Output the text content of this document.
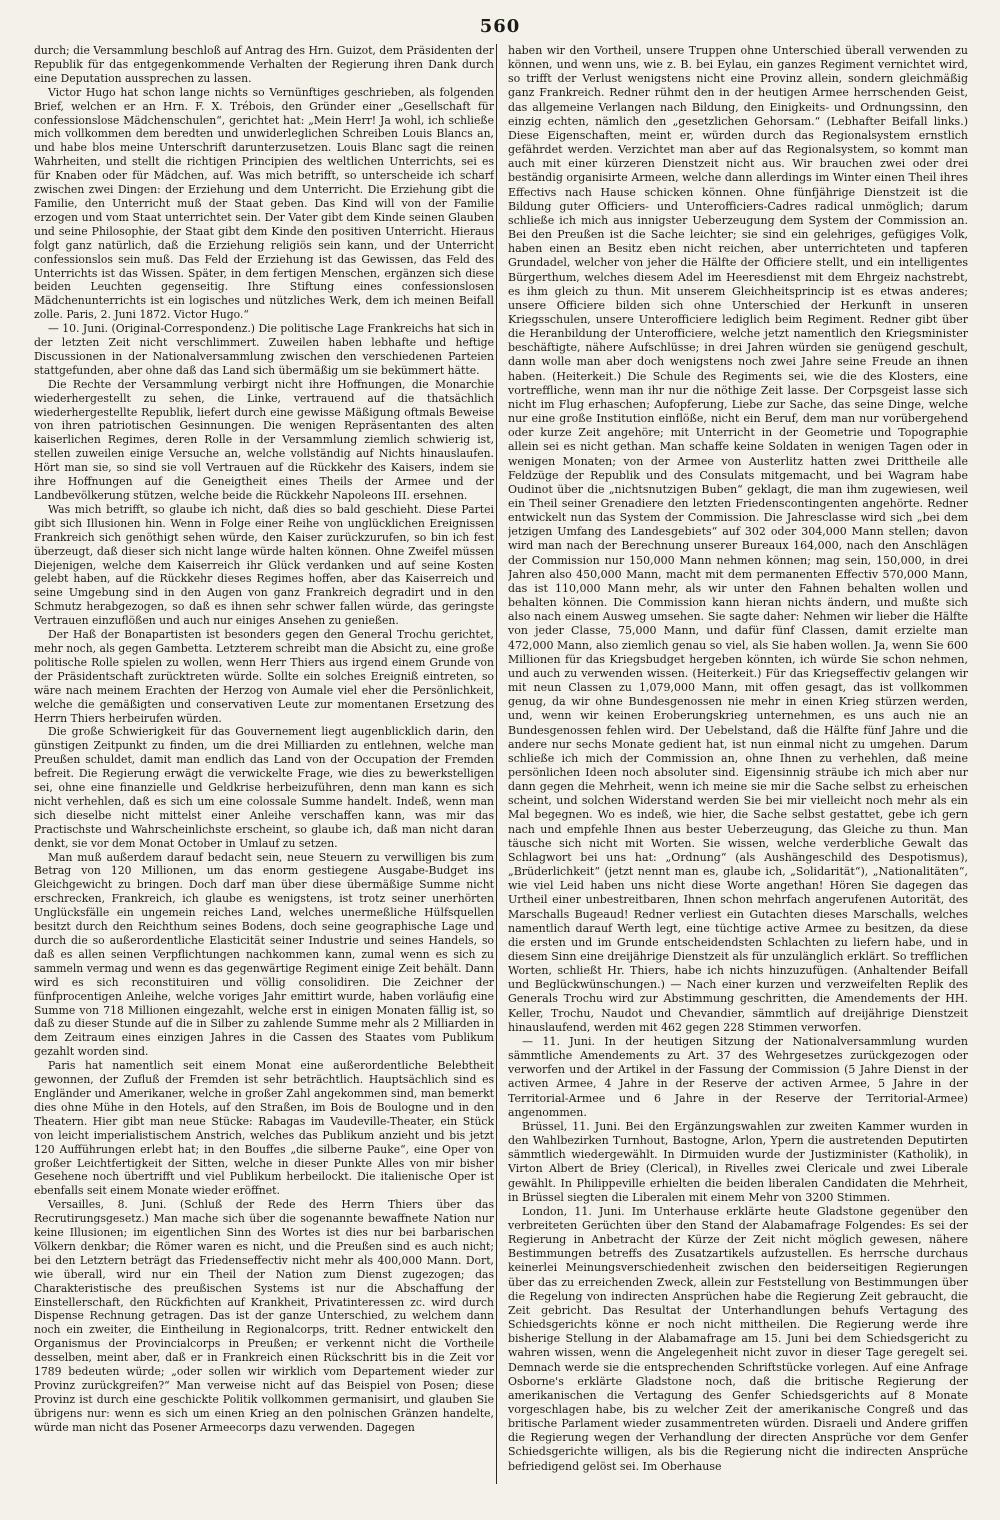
560

durch; die Versammlung beschloß auf Antrag des Hrn. Guizot, dem Präsidenten der Republik für das entgegenkommende Verhalten der Regierung ihren Dank durch eine Deputation aussprechen zu lassen.

Victor Hugo hat schon lange nichts so Vernünftiges geschrieben, als folgenden Brief, welchen er an Hrn. F. X. Trébois, den Gründer einer „Gesellschaft für confessionslose Mädchenschulen“, gerichtet hat: „Mein Herr! Ja wohl, ich schließe mich vollkommen dem beredten und unwiderleglichen Schreiben Louis Blancs an, und habe blos meine Unterschrift darunterzusetzen. Louis Blanc sagt die reinen Wahrheiten, und stellt die richtigen Principien des weltlichen Unterrichts, sei es für Knaben oder für Mädchen, auf. Was mich betrifft, so unterscheide ich scharf zwischen zwei Dingen: der Erziehung und dem Unterricht. Die Erziehung gibt die Familie, den Unterricht muß der Staat geben. Das Kind will von der Familie erzogen und vom Staat unterrichtet sein. Der Vater gibt dem Kinde seinen Glauben und seine Philosophie, der Staat gibt dem Kinde den positiven Unterricht. Hieraus folgt ganz natürlich, daß die Erziehung religiös sein kann, und der Unterricht confessionslos sein muß. Das Feld der Erziehung ist das Gewissen, das Feld des Unterrichts ist das Wissen. Später, in dem fertigen Menschen, ergänzen sich diese beiden Leuchten gegenseitig. Ihre Stiftung eines confessionslosen Mädchenunterrichts ist ein logisches und nützliches Werk, dem ich meinen Beifall zolle. Paris, 2. Juni 1872. Victor Hugo.“

— 10. Juni. (Original-Correspondenz.) Die politische Lage Frankreichs hat sich in der letzten Zeit nicht verschlimmert. Zuweilen haben lebhafte und heftige Discussionen in der Nationalversammlung zwischen den verschiedenen Parteien stattgefunden, aber ohne daß das Land sich übermäßig um sie bekümmert hätte.

Die Rechte der Versammlung verbirgt nicht ihre Hoffnungen, die Monarchie wiederhergestellt zu sehen, die Linke, vertrauend auf die thatsächlich wiederhergestellte Republik, liefert durch eine gewisse Mäßigung oftmals Beweise von ihren patriotischen Gesinnungen. Die wenigen Repräsentanten des alten kaiserlichen Regimes, deren Rolle in der Versammlung ziemlich schwierig ist, stellen zuweilen einige Versuche an, welche vollständig auf Nichts hinauslaufen. Hört man sie, so sind sie voll Vertrauen auf die Rückkehr des Kaisers, indem sie ihre Hoffnungen auf die Geneigtheit eines Theils der Armee und der Landbevölkerung stützen, welche beide die Rückkehr Napoleons III. ersehnen.

Was mich betrifft, so glaube ich nicht, daß dies so bald geschieht. Diese Partei gibt sich Illusionen hin. Wenn in Folge einer Reihe von unglücklichen Ereignissen Frankreich sich genöthigt sehen würde, den Kaiser zurückzurufen, so bin ich fest überzeugt, daß dieser sich nicht lange würde halten können. Ohne Zweifel müssen Diejenigen, welche dem Kaiserreich ihr Glück verdanken und auf seine Kosten gelebt haben, auf die Rückkehr dieses Regimes hoffen, aber das Kaiserreich und seine Umgebung sind in den Augen von ganz Frankreich degradirt und in den Schmutz herabgezogen, so daß es ihnen sehr schwer fallen würde, das geringste Vertrauen einzuflößen und auch nur einiges Ansehen zu genießen.

Der Haß der Bonapartisten ist besonders gegen den General Trochu gerichtet, mehr noch, als gegen Gambetta. Letzterem schreibt man die Absicht zu, eine große politische Rolle spielen zu wollen, wenn Herr Thiers aus irgend einem Grunde von der Präsidentschaft zurücktreten würde. Sollte ein solches Ereigniß eintreten, so wäre nach meinem Erachten der Herzog von Aumale viel eher die Persönlichkeit, welche die gemäßigten und conservativen Leute zur momentanen Ersetzung des Herrn Thiers herbeirufen würden.

Die große Schwierigkeit für das Gouvernement liegt augenblicklich darin, den günstigen Zeitpunkt zu finden, um die drei Milliarden zu entlehnen, welche man Preußen schuldet, damit man endlich das Land von der Occupation der Fremden befreit. Die Regierung erwägt die verwickelte Frage, wie dies zu bewerkstelligen sei, ohne eine finanzielle und Geldkrise herbeizuführen, denn man kann es sich nicht verhehlen, daß es sich um eine colossale Summe handelt. Indeß, wenn man sich dieselbe nicht mittelst einer Anleihe verschaffen kann, was mir das Practischste und Wahrscheinlichste erscheint, so glaube ich, daß man nicht daran denkt, sie vor dem Monat October in Umlauf zu setzen.

Man muß außerdem darauf bedacht sein, neue Steuern zu verwilligen bis zum Betrag von 120 Millionen, um das enorm gestiegene Ausgabe-Budget ins Gleichgewicht zu bringen. Doch darf man über diese übermäßige Summe nicht erschrecken, Frankreich, ich glaube es wenigstens, ist trotz seiner unerhörten Unglücksfälle ein ungemein reiches Land, welches unermeßliche Hülfsquellen besitzt durch den Reichthum seines Bodens, doch seine geographische Lage und durch die so außerordentliche Elasticität seiner Industrie und seines Handels, so daß es allen seinen Verpflichtungen nachkommen kann, zumal wenn es sich zu sammeln vermag und wenn es das gegenwärtige Regiment einige Zeit behält. Dann wird es sich reconstituiren und völlig consolidiren. Die Zeichner der fünfprocentigen Anleihe, welche voriges Jahr emittirt wurde, haben vorläufig eine Summe von 718 Millionen eingezahlt, welche erst in einigen Monaten fällig ist, so daß zu dieser Stunde auf die in Silber zu zahlende Summe mehr als 2 Milliarden in dem Zeitraum eines einzigen Jahres in die Cassen des Staates vom Publikum gezahlt worden sind.

Paris hat namentlich seit einem Monat eine außerordentliche Belebtheit gewonnen, der Zufluß der Fremden ist sehr beträchtlich. Hauptsächlich sind es Engländer und Amerikaner, welche in großer Zahl angekommen sind, man bemerkt dies ohne Mühe in den Hotels, auf den Straßen, im Bois de Boulogne und in den Theatern. Hier gibt man neue Stücke: Rabagas im Vaudeville-Theater, ein Stück von leicht imperialistischem Anstrich, welches das Publikum anzieht und bis jetzt 120 Aufführungen erlebt hat; in den Bouffes „die silberne Pauke“, eine Oper von großer Leichtfertigkeit der Sitten, welche in dieser Punkte Alles von mir bisher Gesehene noch übertrifft und viel Publikum herbeilockt. Die italienische Oper ist ebenfalls seit einem Monate wieder eröffnet.

Versailles, 8. Juni. (Schluß der Rede des Herrn Thiers über das Recrutirungsgesetz.) Man mache sich über die sogenannte bewaffnete Nation nur keine Illusionen; im eigentlichen Sinn des Wortes ist dies nur bei barbarischen Völkern denkbar; die Römer waren es nicht, und die Preußen sind es auch nicht; bei den Letztern beträgt das Friedenseffectiv nicht mehr als 400,000 Mann. Dort, wie überall, wird nur ein Theil der Nation zum Dienst zugezogen; das Charakteristische des preußischen Systems ist nur die Abschaffung der Einstellerschaft, den Rückfichten auf Krankheit, Privatinteressen zc. wird durch Dispense Rechnung getragen. Das ist der ganze Unterschied, zu welchem dann noch ein zweiter, die Eintheilung in Regionalcorps, tritt. Redner entwickelt den Organismus der Provincialcorps in Preußen; er verkennt nicht die Vortheile desselben, meint aber, daß er in Frankreich einen Rückschritt bis in die Zeit vor 1789 bedeuten würde; „oder sollen wir wirklich vom Departement wieder zur Provinz zurückgreifen?“ Man verweise nicht auf das Beispiel von Posen; diese Provinz ist durch eine geschickte Politik vollkommen germanisirt, und glauben Sie übrigens nur: wenn es sich um einen Krieg an den polnischen Gränzen handelte, würde man nicht das Posener Armeecorps dazu verwenden. Dagegen

haben wir den Vortheil, unsere Truppen ohne Unterschied überall verwenden zu können, und wenn uns, wie z. B. bei Eylau, ein ganzes Regiment vernichtet wird, so trifft der Verlust wenigstens nicht eine Provinz allein, sondern gleichmäßig ganz Frankreich. Redner rühmt den in der heutigen Armee herrschenden Geist, das allgemeine Verlangen nach Bildung, den Einigkeits- und Ordnungssinn, den einzig echten, nämlich den „gesetzlichen Gehorsam.“ (Lebhafter Beifall links.) Diese Eigenschaften, meint er, würden durch das Regionalsystem ernstlich gefährdet werden. Verzichtet man aber auf das Regionalsystem, so kommt man auch mit einer kürzeren Dienstzeit nicht aus. Wir brauchen zwei oder drei beständig organisirte Armeen, welche dann allerdings im Winter einen Theil ihres Effectivs nach Hause schicken können. Ohne fünfjährige Dienstzeit ist die Bildung guter Officiers- und Unterofficiers-Cadres radical unmöglich; darum schließe ich mich aus innigster Ueberzeugung dem System der Commission an. Bei den Preußen ist die Sache leichter; sie sind ein gelehriges, gefügiges Volk, haben einen an Besitz eben nicht reichen, aber unterrichteten und tapferen Grundadel, welcher von jeher die Hälfte der Officiere stellt, und ein intelligentes Bürgerthum, welches diesem Adel im Heeresdienst mit dem Ehrgeiz nachstrebt, es ihm gleich zu thun. Mit unserem Gleichheitsprincip ist es etwas anderes; unsere Officiere bilden sich ohne Unterschied der Herkunft in unseren Kriegsschulen, unsere Unterofficiere lediglich beim Regiment. Redner gibt über die Heranbildung der Unterofficiere, welche jetzt namentlich den Kriegsminister beschäftigte, nähere Aufschlüsse; in drei Jahren würden sie genügend geschult, dann wolle man aber doch wenigstens noch zwei Jahre seine Freude an ihnen haben. (Heiterkeit.) Die Schule des Regiments sei, wie die des Klosters, eine vortreffliche, wenn man ihr nur die nöthige Zeit lasse. Der Corpsgeist lasse sich nicht im Flug erhaschen; Aufopferung, Liebe zur Sache, das seine Dinge, welche nur eine große Institution einflöße, nicht ein Beruf, dem man nur vorübergehend oder kurze Zeit angehöre; mit Unterricht in der Geometrie und Topographie allein sei es nicht gethan. Man schaffe keine Soldaten in wenigen Tagen oder in wenigen Monaten; von der Armee von Austerlitz hatten zwei Drittheile alle Feldzüge der Republik und des Consulats mitgemacht, und bei Wagram habe Oudinot über die „nichtsnutzigen Buben“ geklagt, die man ihm zugewiesen, weil ein Theil seiner Grenadiere den letzten Friedenscontingenten angehörte. Redner entwickelt nun das System der Commission. Die Jahresclasse wird sich „bei dem jetzigen Umfang des Landesgebiets“ auf 302 oder 304,000 Mann stellen; davon wird man nach der Berechnung unserer Bureaux 164,000, nach den Anschlägen der Commission nur 150,000 Mann nehmen können; mag sein, 150,000, in drei Jahren also 450,000 Mann, macht mit dem permanenten Effectiv 570,000 Mann, das ist 110,000 Mann mehr, als wir unter den Fahnen behalten wollen und behalten können. Die Commission kann hieran nichts ändern, und mußte sich also nach einem Ausweg umsehen. Sie sagte daher: Nehmen wir lieber die Hälfte von jeder Classe, 75,000 Mann, und dafür fünf Classen, damit erzielte man 472,000 Mann, also ziemlich genau so viel, als Sie haben wollen. Ja, wenn Sie 600 Millionen für das Kriegsbudget hergeben könnten, ich würde Sie schon nehmen, und auch zu verwenden wissen. (Heiterkeit.) Für das Kriegseffectiv gelangen wir mit neun Classen zu 1,079,000 Mann, mit offen gesagt, das ist vollkommen genug, da wir ohne Bundesgenossen nie mehr in einen Krieg stürzen werden, und, wenn wir keinen Eroberungskrieg unternehmen, es uns auch nie an Bundesgenossen fehlen wird. Der Uebelstand, daß die Hälfte fünf Jahre und die andere nur sechs Monate gedient hat, ist nun einmal nicht zu umgehen. Darum schließe ich mich der Commission an, ohne Ihnen zu verhehlen, daß meine persönlichen Ideen noch absoluter sind. Eigensinnig sträube ich mich aber nur dann gegen die Mehrheit, wenn ich meine sie mir die Sache selbst zu erheischen scheint, und solchen Widerstand werden Sie bei mir vielleicht noch mehr als ein Mal begegnen. Wo es indeß, wie hier, die Sache selbst gestattet, gebe ich gern nach und empfehle Ihnen aus bester Ueberzeugung, das Gleiche zu thun. Man täusche sich nicht mit Worten. Sie wissen, welche verderbliche Gewalt das Schlagwort bei uns hat: „Ordnung“ (als Aushängeschild des Despotismus), „Brüderlichkeit“ (jetzt nennt man es, glaube ich, „Solidarität“), „Nationalitäten“, wie viel Leid haben uns nicht diese Worte angethan! Hören Sie dagegen das Urtheil einer unbestreitbaren, Ihnen schon mehrfach angerufenen Autorität, des Marschalls Bugeaud! Redner verliest ein Gutachten dieses Marschalls, welches namentlich darauf Werth legt, eine tüchtige active Armee zu besitzen, da diese die ersten und im Grunde entscheidendsten Schlachten zu liefern habe, und in diesem Sinn eine dreijährige Dienstzeit als für unzulänglich erklärt. So trefflichen Worten, schließt Hr. Thiers, habe ich nichts hinzuzufügen. (Anhaltender Beifall und Beglückwünschungen.) — Nach einer kurzen und verzweifelten Replik des Generals Trochu wird zur Abstimmung geschritten, die Amendements der HH. Keller, Trochu, Naudot und Chevandier, sämmtlich auf dreijährige Dienstzeit hinauslaufend, werden mit 462 gegen 228 Stimmen verworfen.

— 11. Juni. In der heutigen Sitzung der Nationalversammlung wurden sämmtliche Amendements zu Art. 37 des Wehrgesetzes zurückgezogen oder verworfen und der Artikel in der Fassung der Commission (5 Jahre Dienst in der activen Armee, 4 Jahre in der Reserve der activen Armee, 5 Jahre in der Territorial-Armee und 6 Jahre in der Reserve der Territorial-Armee) angenommen.

Brüssel, 11. Juni. Bei den Ergänzungswahlen zur zweiten Kammer wurden in den Wahlbezirken Turnhout, Bastogne, Arlon, Ypern die austretenden Deputirten sämmtlich wiedergewählt. In Dirmuiden wurde der Justizminister (Katholik), in Virton Albert de Briey (Clerical), in Rivelles zwei Clericale und zwei Liberale gewählt. In Philippeville erhielten die beiden liberalen Candidaten die Mehrheit, in Brüssel siegten die Liberalen mit einem Mehr von 3200 Stimmen.

London, 11. Juni. Im Unterhause erklärte heute Gladstone gegenüber den verbreiteten Gerüchten über den Stand der Alabamafrage Folgendes: Es sei der Regierung in Anbetracht der Kürze der Zeit nicht möglich gewesen, nähere Bestimmungen betreffs des Zusatzartikels aufzustellen. Es herrsche durchaus keinerlei Meinungsverschiedenheit zwischen den beiderseitigen Regierungen über das zu erreichenden Zweck, allein zur Feststellung von Bestimmungen über die Regelung von indirecten Ansprüchen habe die Regierung Zeit gebraucht, die Zeit gebricht. Das Resultat der Unterhandlungen behufs Vertagung des Schiedsgerichts könne er noch nicht mittheilen. Die Regierung werde ihre bisherige Stellung in der Alabamafrage am 15. Juni bei dem Schiedsgericht zu wahren wissen, wenn die Angelegenheit nicht zuvor in dieser Tage geregelt sei. Demnach werde sie die entsprechenden Schriftstücke vorlegen. Auf eine Anfrage Osborne's erklärte Gladstone noch, daß die britische Regierung der amerikanischen die Vertagung des Genfer Schiedsgerichts auf 8 Monate vorgeschlagen habe, bis zu welcher Zeit der amerikanische Congreß und das britische Parlament wieder zusammentreten würden. Disraeli und Andere griffen die Regierung wegen der Verhandlung der directen Ansprüche vor dem Genfer Schiedsgerichte willigen, als bis die Regierung nicht die indirecten Ansprüche befriedigend gelöst sei. Im Oberhause
